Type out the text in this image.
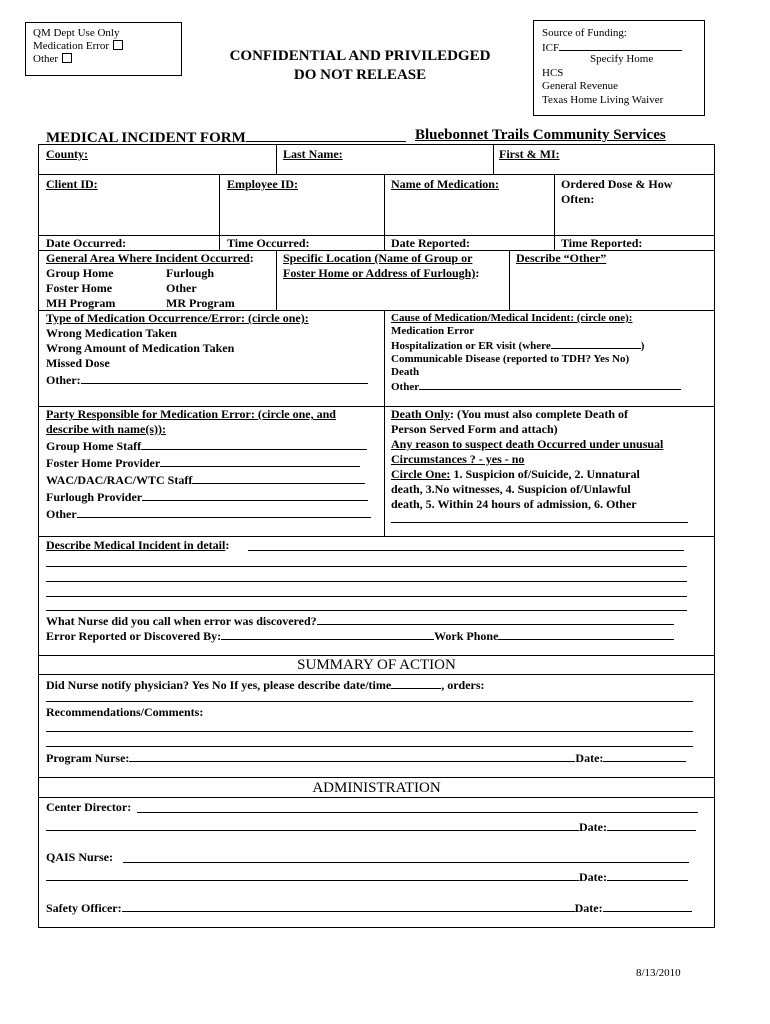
QM Dept Use Only
Medication Error
Other	CONFIDENTIAL AND PRIVILEDGED
DO NOT RELEASE
Source of Funding:
ICF
Specify Home
HCS
General Revenue
Texas Home Living Waiver
MEDICAL INCIDENT FORM	Bluebonnet Trails Community Services
County:	Last Name:	First & MI:
Client ID:	Employee ID:	Name of Medication:	Ordered Dose & How
Often:
Date Occurred:	Time Occurred:	Date Reported:	Time Reported:
General Area Where Incident Occurred:
Group Home	Furlough
Foster Home	Other
MH Program	MR Program
Specific Location (Name of Group or
Foster Home or Address of Furlough):
Describe “Other”
Type of Medication Occurrence/Error: (circle one):
Wrong Medication Taken
Wrong Amount of Medication Taken
Missed Dose
Other:
Cause of Medication/Medical Incident: (circle one):
Medication Error
Hospitalization or ER visit (where	)
Communicable Disease (reported to TDH? Yes No)
Death
Other
Party Responsible for Medication Error: (circle one, and
describe with name(s)):
Group Home Staff
Foster Home Provider
WAC/DAC/RAC/WTC Staff
Furlough Provider
Other
Death Only: (You must also complete Death of
Person Served Form and attach)
Any reason to suspect death Occurred under unusual
Circumstances ? - yes - no
Circle One: 1. Suspicion of/Suicide, 2. Unnatural
death, 3.No witnesses, 4. Suspicion of/Unlawful
death, 5. Within 24 hours of admission, 6. Other
Describe Medical Incident in detail:
What Nurse did you call when error was discovered?
Error Reported or Discovered By:	Work Phone
SUMMARY OF ACTION
Did Nurse notify physician? Yes No If yes, please describe date/time	, orders:
Recommendations/Comments:
Program Nurse:	Date:
ADMINISTRATION
Center Director:
Date:
QAIS Nurse:
Date:
Safety Officer:	Date:
8/13/2010
